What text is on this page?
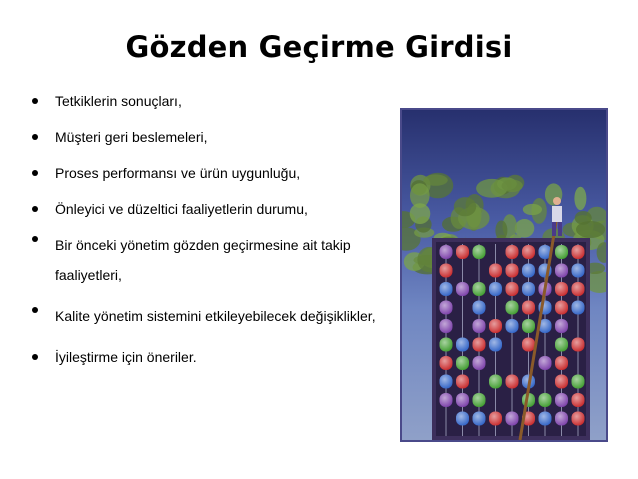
Gözden Geçirme Girdisi
Tetkiklerin sonuçları,
Müşteri geri beslemeleri,
Proses performansı ve ürün uygunluğu,
Önleyici ve düzeltici faaliyetlerin durumu,
Bir önceki yönetim gözden geçirmesine ait takip faaliyetleri,
Kalite yönetim sistemini etkileyebilecek değişiklikler,
İyileştirme için öneriler.
